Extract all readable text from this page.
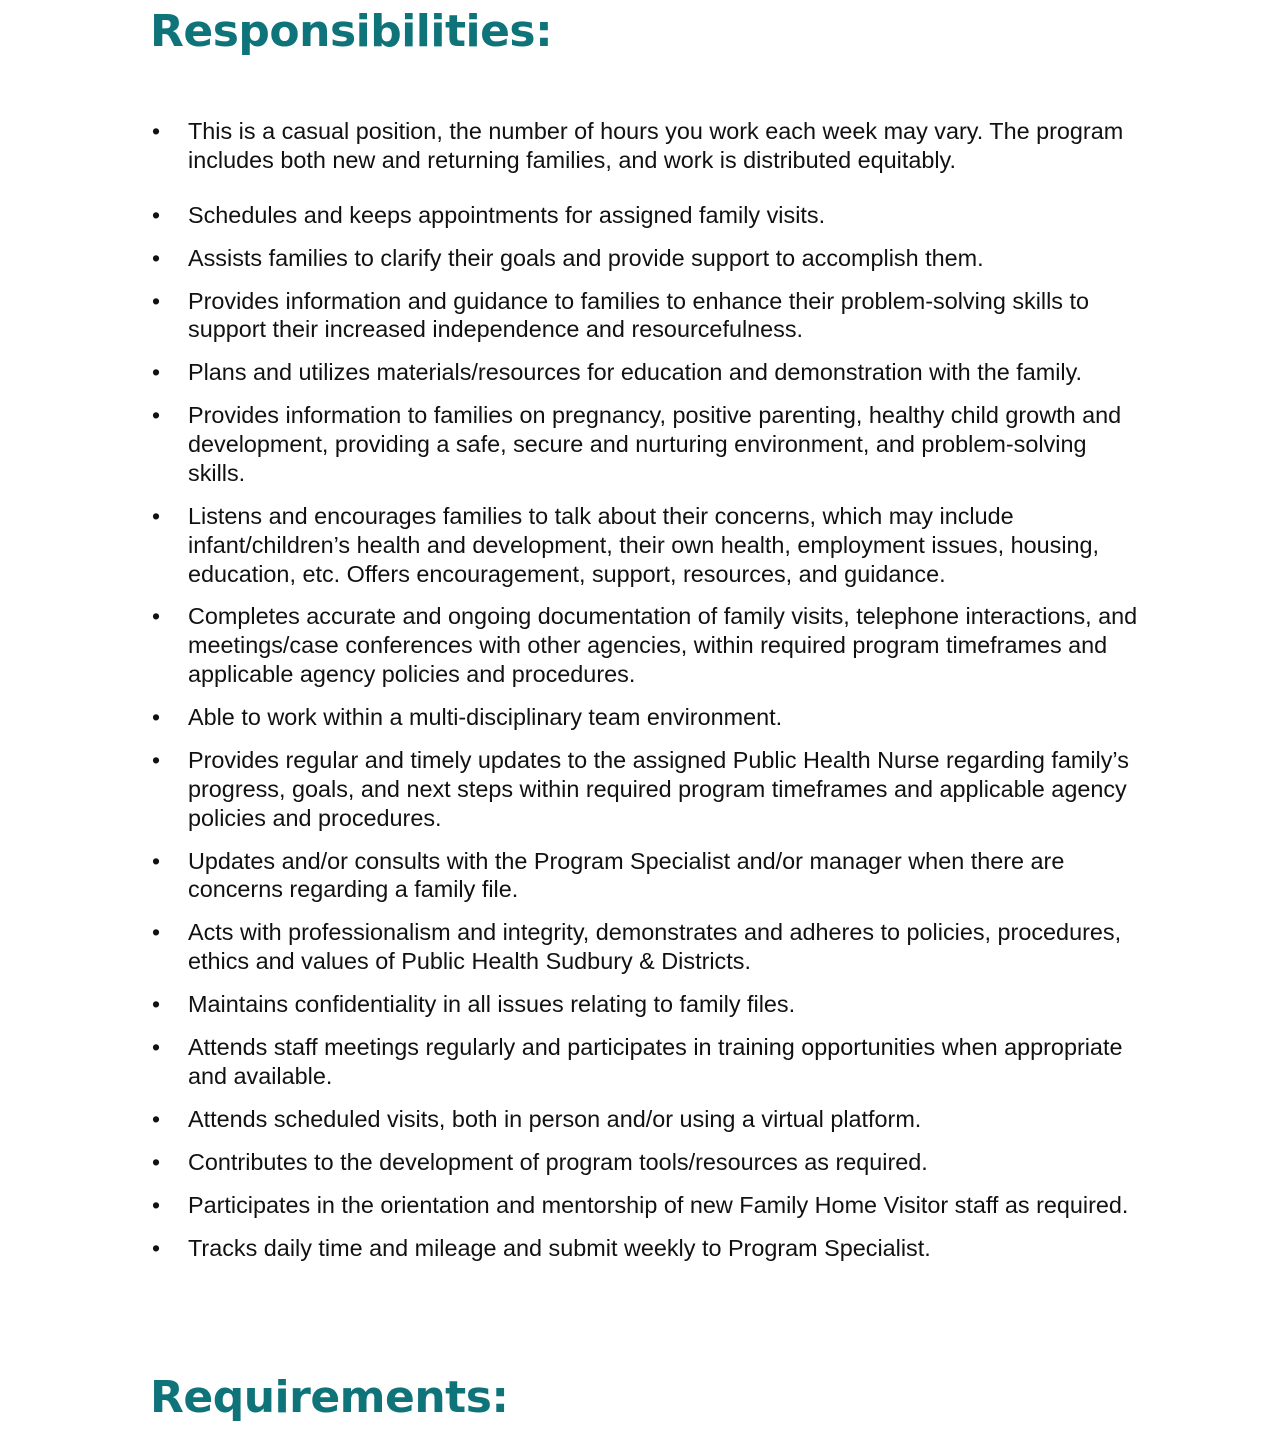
Responsibilities:
• This is a casual position, the number of hours you work each week may vary. The program includes both new and returning families, and work is distributed equitably.
• Schedules and keeps appointments for assigned family visits.
• Assists families to clarify their goals and provide support to accomplish them.
• Provides information and guidance to families to enhance their problem-solving skills to support their increased independence and resourcefulness.
• Plans and utilizes materials/resources for education and demonstration with the family.
• Provides information to families on pregnancy, positive parenting, healthy child growth and development, providing a safe, secure and nurturing environment, and problem-solving skills.
• Listens and encourages families to talk about their concerns, which may include infant/children’s health and development, their own health, employment issues, housing, education, etc. Offers encouragement, support, resources, and guidance.
• Completes accurate and ongoing documentation of family visits, telephone interactions, and meetings/case conferences with other agencies, within required program timeframes and applicable agency policies and procedures.
• Able to work within a multi-disciplinary team environment.
• Provides regular and timely updates to the assigned Public Health Nurse regarding family’s progress, goals, and next steps within required program timeframes and applicable agency policies and procedures.
• Updates and/or consults with the Program Specialist and/or manager when there are concerns regarding a family file.
• Acts with professionalism and integrity, demonstrates and adheres to policies, procedures, ethics and values of Public Health Sudbury & Districts.
• Maintains confidentiality in all issues relating to family files.
• Attends staff meetings regularly and participates in training opportunities when appropriate and available.
• Attends scheduled visits, both in person and/or using a virtual platform.
• Contributes to the development of program tools/resources as required.
• Participates in the orientation and mentorship of new Family Home Visitor staff as required.
• Tracks daily time and mileage and submit weekly to Program Specialist.
Requirements:
